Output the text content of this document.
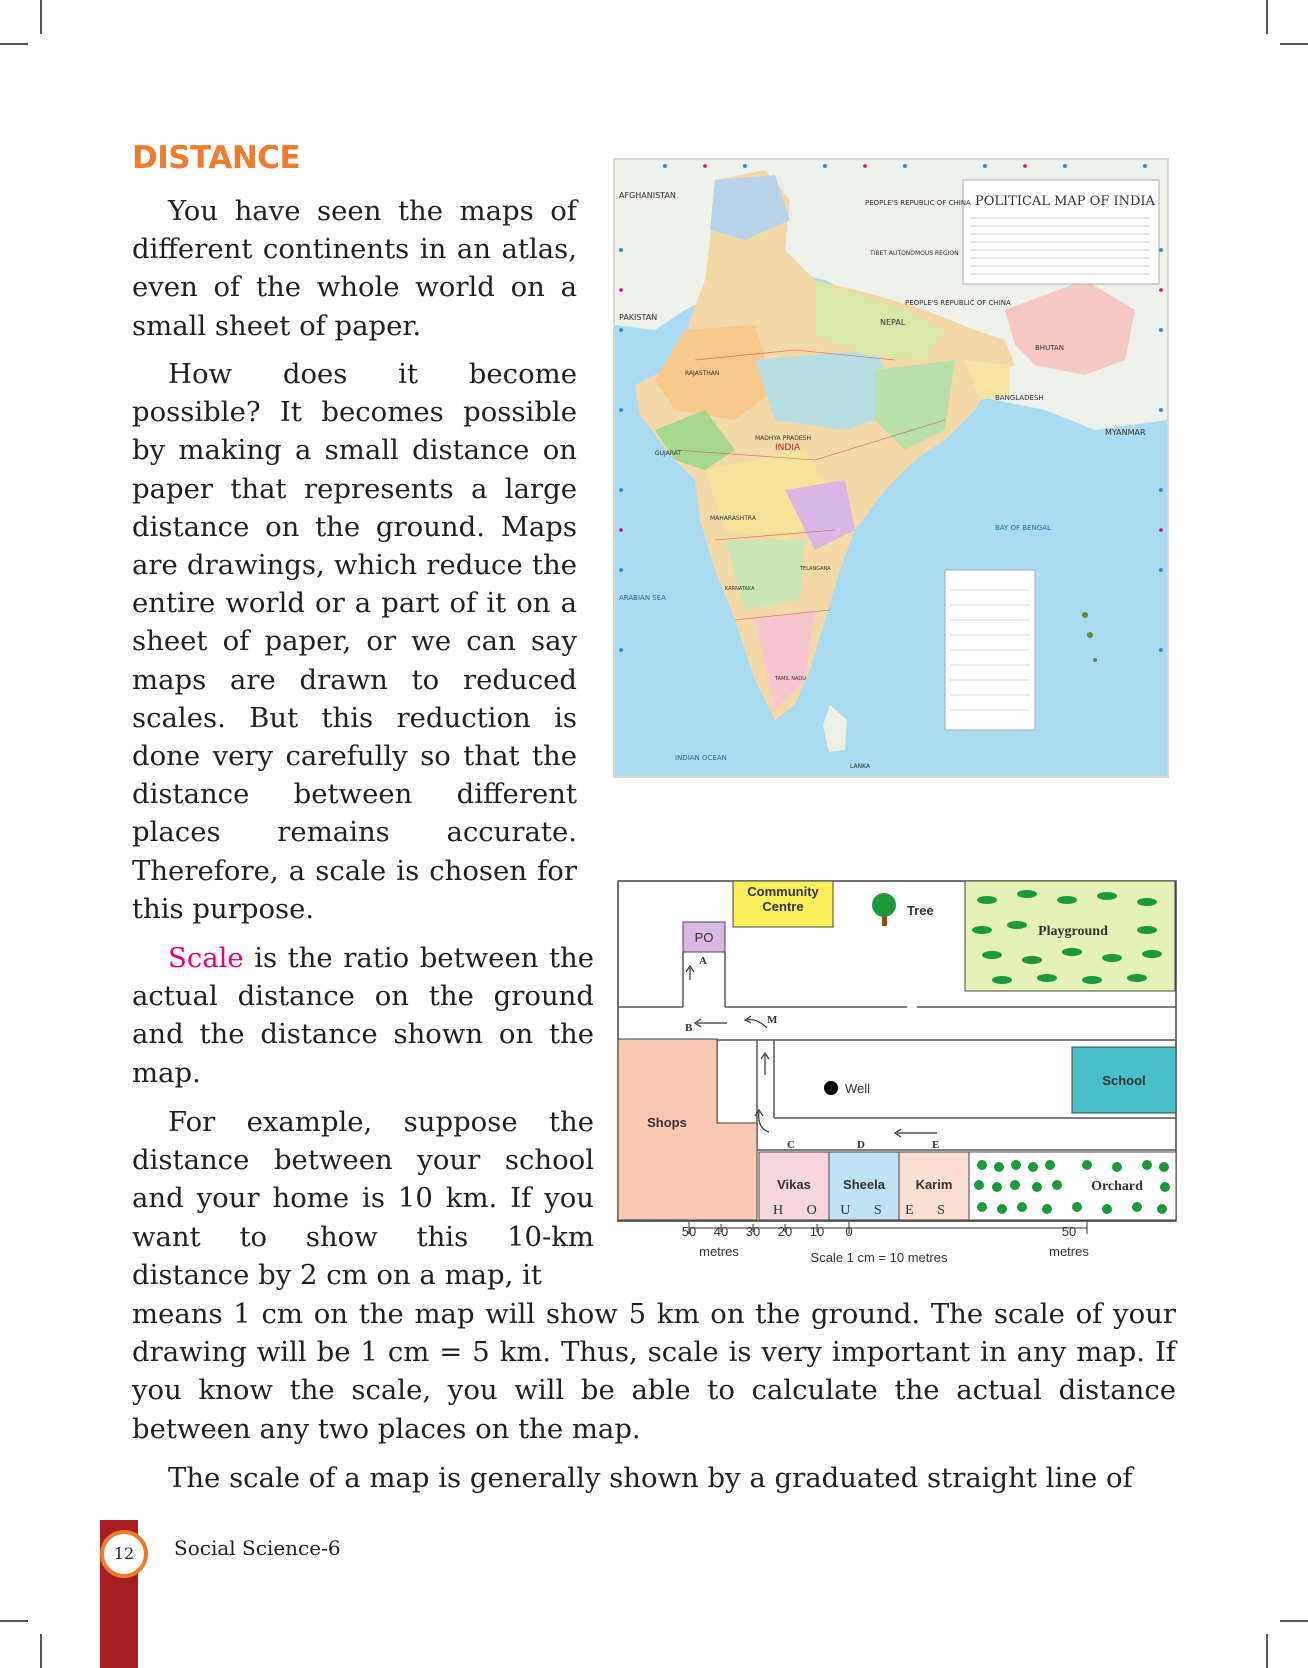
DISTANCE

You have seen the maps of different continents in an atlas, even of the whole world on a small sheet of paper.

How does it become possible? It becomes possible by making a small distance on paper that represents a large distance on the ground. Maps are drawings, which reduce the entire world or a part of it on a sheet of paper, or we can say maps are drawn to reduced scales. But this reduction is done very carefully so that the distance between different places remains accurate. Therefore, a scale is chosen for this purpose.

Scale is the ratio between the actual distance on the ground and the distance shown on the map.

For example, suppose the distance between your school and your home is 10 km. If you want to show this 10-km distance by 2 cm on a map, it

means 1 cm on the map will show 5 km on the ground. The scale of your drawing will be 1 cm = 5 km. Thus, scale is very important in any map. If you know the scale, you will be able to calculate the actual distance between any two places on the map.

The scale of a map is generally shown by a graduated straight line of

POLITICAL MAP OF INDIA
AFGHANISTAN
PAKISTAN
PEOPLE'S REPUBLIC OF CHINA
PEOPLE'S REPUBLIC OF CHINA
TIBET AUTONOMOUS REGION
NEPAL
BHUTAN
BANGLADESH
MYANMAR
INDIA
BAY OF BENGAL
ARABIAN SEA
INDIAN OCEAN
LANKA
RAJASTHAN
MADHYA PRADESH
GUJARAT
MAHARASHTRA
TELANGANA
KARNATAKA
TAMIL NADU
Shops
PO
Community Centre	Tree
Playground
Well
School
Vikas Sheela Karim
H O U S E S
Orchard
A
B
M
C	D	E
50 40 30 20 10 0	50
metres	metres
Scale 1 cm = 10 metres
12	Social Science-6
